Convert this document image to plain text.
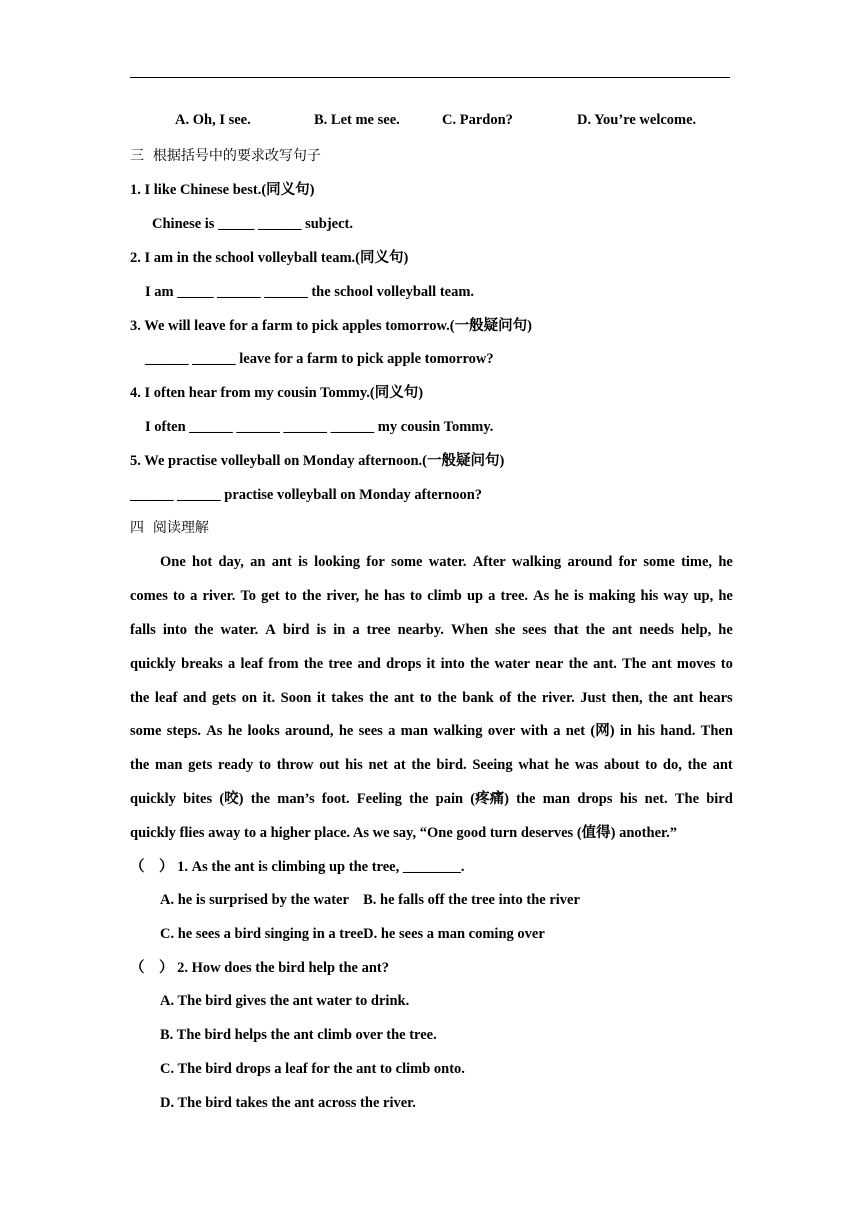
A. Oh, I see.	B. Let me see.	C. Pardon?	D. You’re welcome.
三  根据括号中的要求改写句子
1. I like Chinese best.(同义句)
Chinese is _____ ______ subject.
2. I am in the school volleyball team.(同义句)
I am _____ ______ ______ the school volleyball team.
3. We will leave for a farm to pick apples tomorrow.(一般疑问句)
______ ______ leave for a farm to pick apple tomorrow?
4. I often hear from my cousin Tommy.(同义句)
I often ______ ______ ______ ______ my cousin Tommy.
5. We practise volleyball on Monday afternoon.(一般疑问句)
______ ______ practise volleyball on Monday afternoon?
四  阅读理解
One hot day, an ant is looking for some water. After walking around for some time, he
comes to a river. To get to the river, he has to climb up a tree. As he is making his way up, he
falls into the water. A bird is in a tree nearby. When she sees that the ant needs help, he
quickly breaks a leaf from the tree and drops it into the water near the ant. The ant moves to
the leaf and gets on it. Soon it takes the ant to the bank of the river. Just then, the ant hears
some steps. As he looks around, he sees a man walking over with a net (网) in his hand. Then
the man gets ready to throw out his net at the bird. Seeing what he was about to do, the ant
quickly bites (咬) the man’s foot. Feeling the pain (疼痛) the man drops his net. The bird
quickly flies away to a higher place. As we say, “One good turn deserves (值得) another.”
（    ） 1. As the ant is climbing up the tree, ________.
A. he is surprised by the water    B. he falls off the tree into the river
C. he sees a bird singing in a treeD. he sees a man coming over
（    ） 2. How does the bird help the ant?
A. The bird gives the ant water to drink.
B. The bird helps the ant climb over the tree.
C. The bird drops a leaf for the ant to climb onto.
D. The bird takes the ant across the river.
